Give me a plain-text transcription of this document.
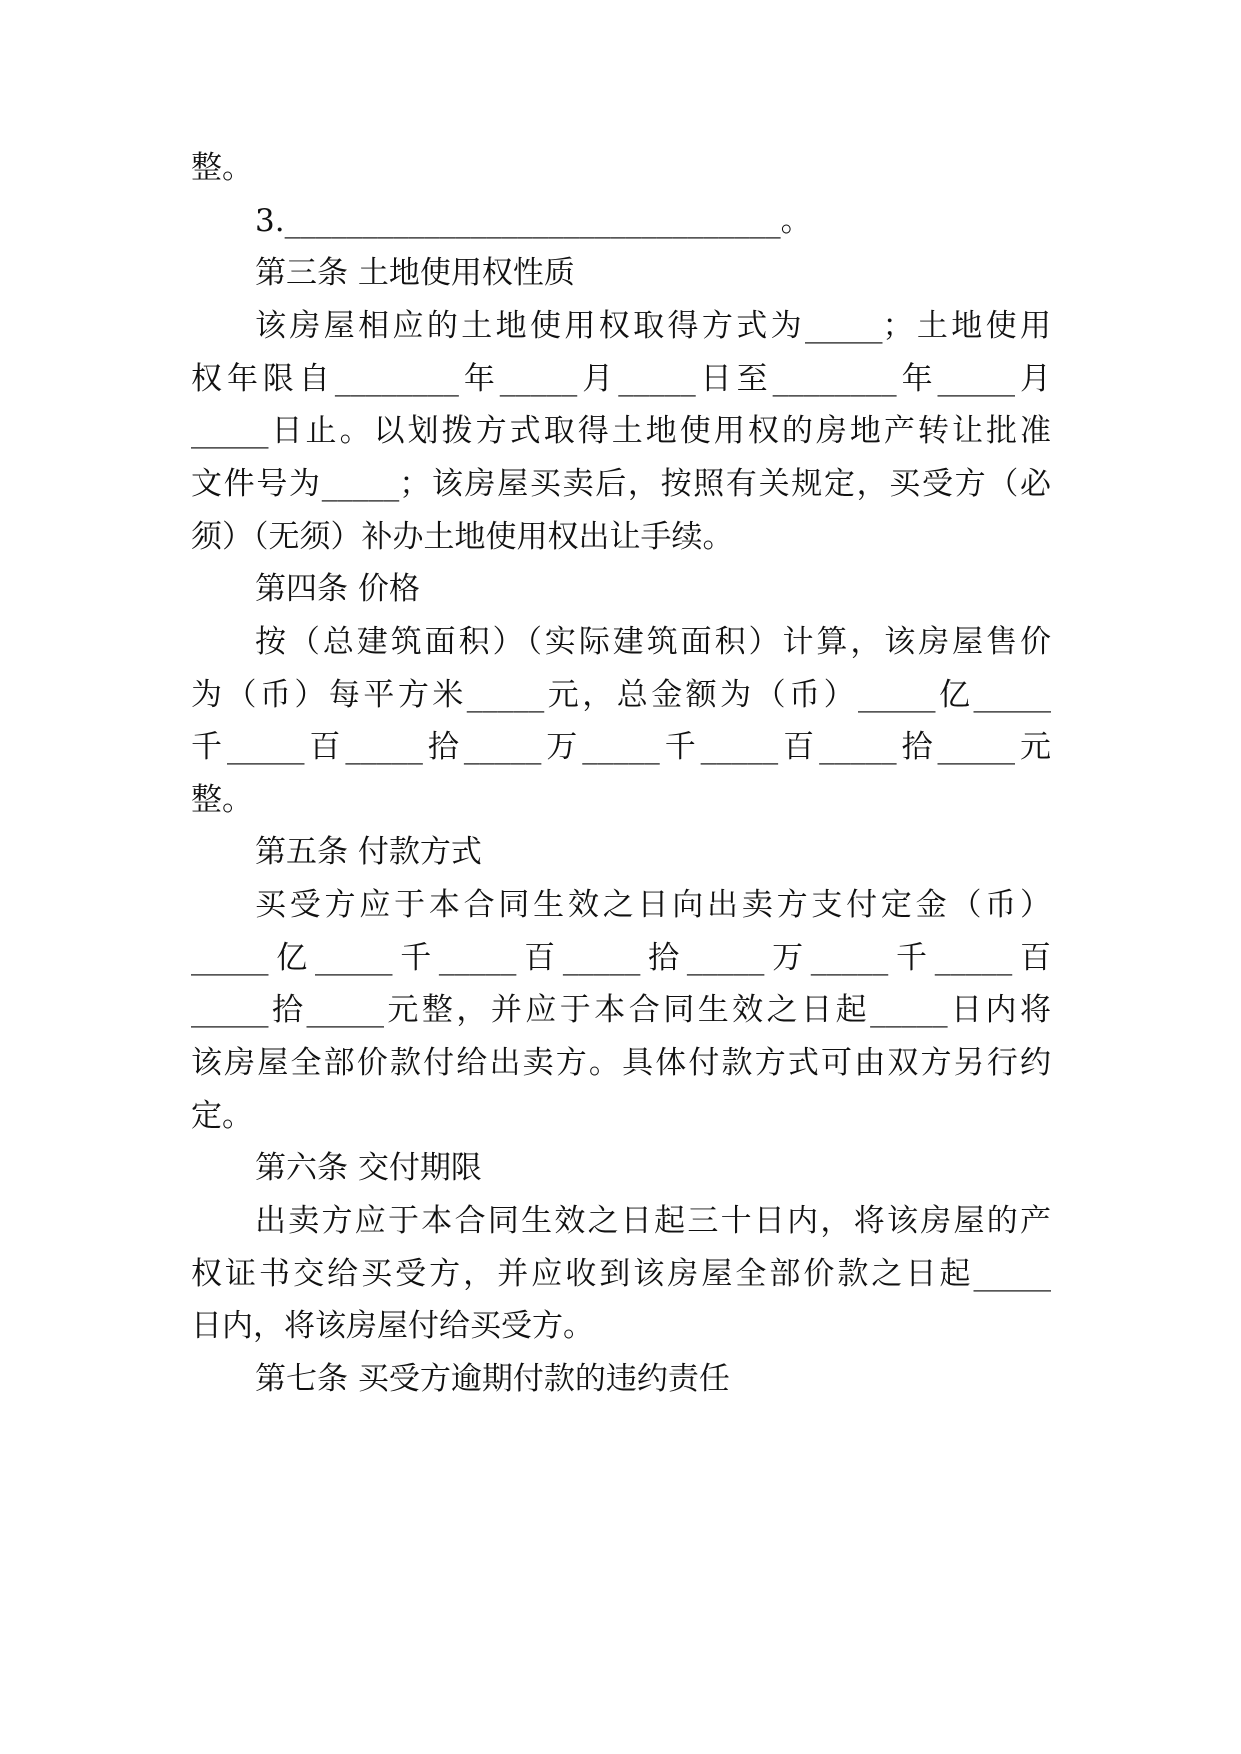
整。
3.________________________________。
第三条 土地使用权性质
该房屋相应的土地使用权取得方式为_____；土地使用
权年限自________年_____月_____日至________年_____月
_____日止。以划拨方式取得土地使用权的房地产转让批准
文件号为_____；该房屋买卖后，按照有关规定，买受方（必
须）（无须）补办土地使用权出让手续。
第四条 价格
按（总建筑面积）（实际建筑面积）计算，该房屋售价
为（币）每平方米_____元，总金额为（币）_____亿_____
千_____百_____拾_____万_____千_____百_____拾_____元
整。
第五条 付款方式
买受方应于本合同生效之日向出卖方支付定金（币）
_____亿_____千_____百_____拾_____万_____千_____百
_____拾_____元整，并应于本合同生效之日起_____日内将
该房屋全部价款付给出卖方。具体付款方式可由双方另行约
定。
第六条 交付期限
出卖方应于本合同生效之日起三十日内，将该房屋的产
权证书交给买受方，并应收到该房屋全部价款之日起_____
日内，将该房屋付给买受方。
第七条 买受方逾期付款的违约责任
